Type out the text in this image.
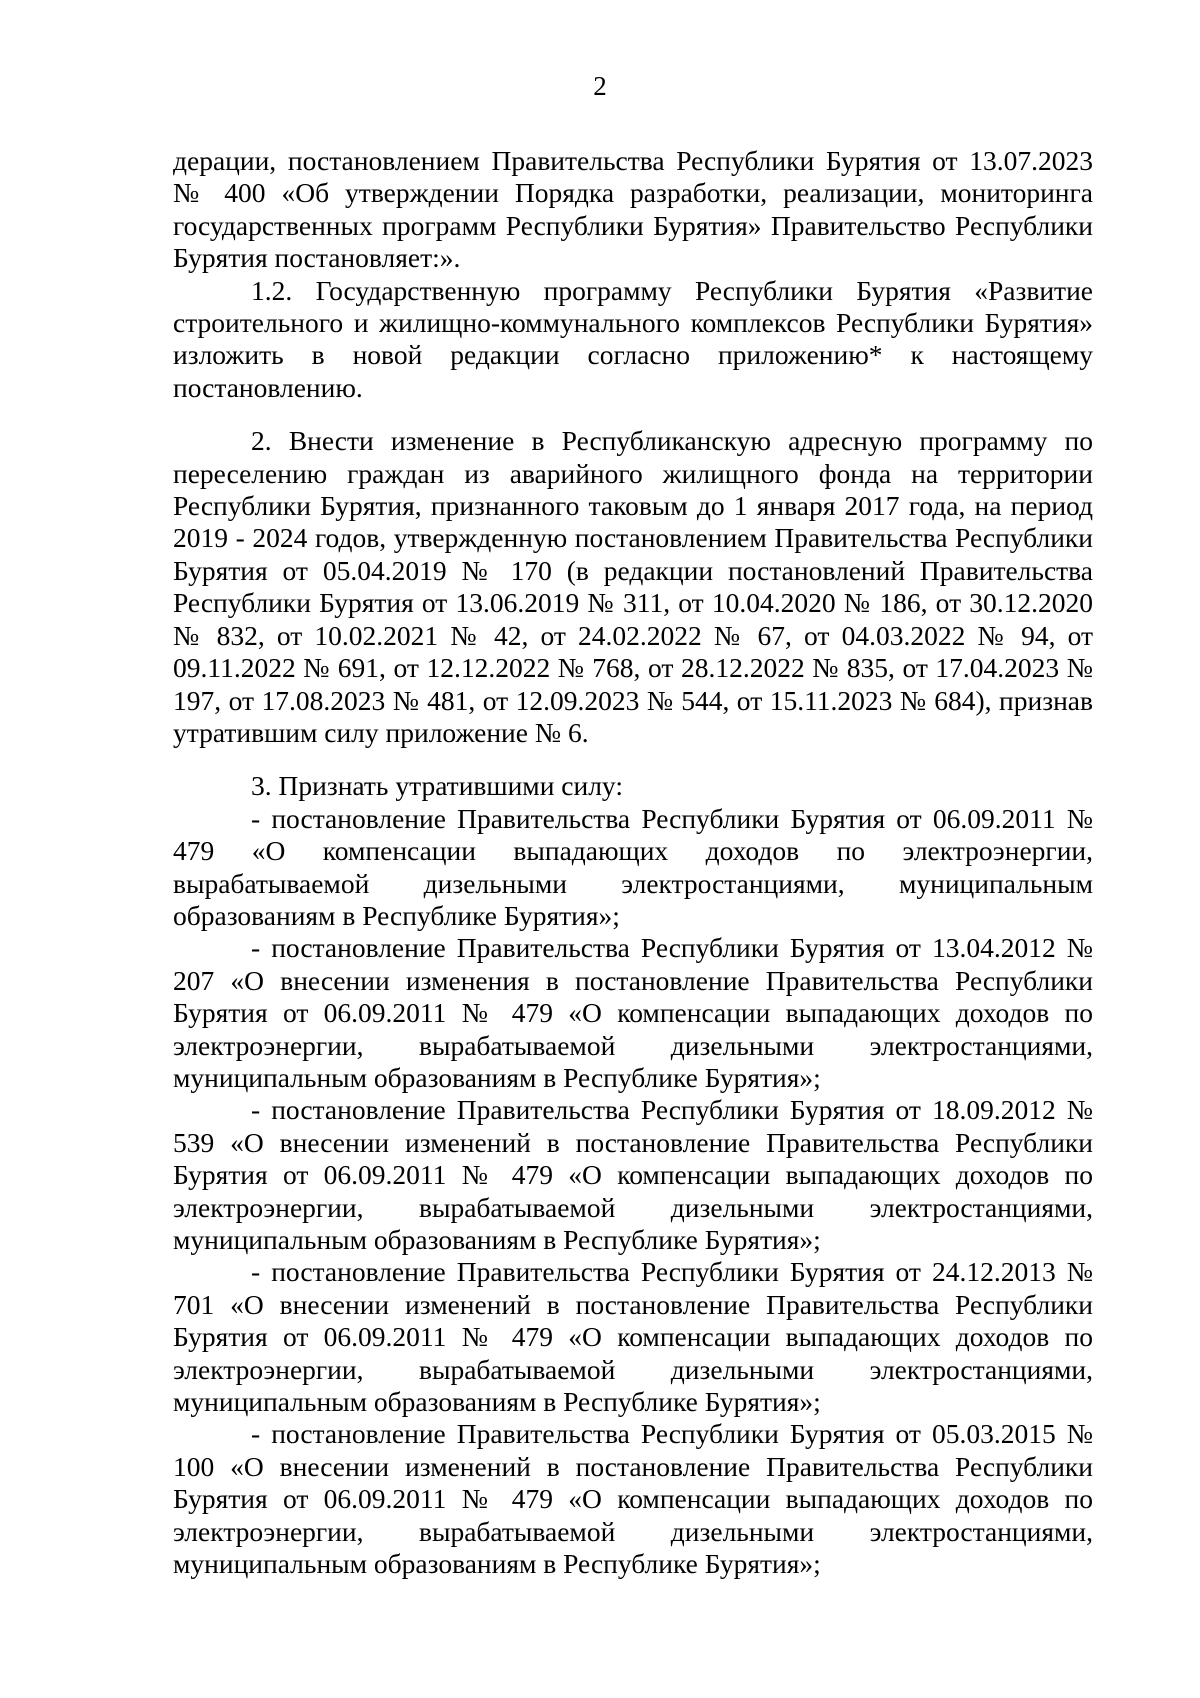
2

дерации, постановлением Правительства Республики Бурятия от 13.07.2023 № 400 «Об утверждении Порядка разработки, реализации, мониторинга государственных программ Республики Бурятия» Правительство Республики Бурятия постановляет:».

1.2. Государственную программу Республики Бурятия «Развитие строительного и жилищно-коммунального комплексов Республики Бурятия» изложить в новой редакции согласно приложению* к настоящему постановлению.

2. Внести изменение в Республиканскую адресную программу по переселению граждан из аварийного жилищного фонда на территории Республики Бурятия, признанного таковым до 1 января 2017 года, на период 2019 - 2024 годов, утвержденную постановлением Правительства Республики Бурятия от 05.04.2019 № 170 (в редакции постановлений Правительства Республики Бурятия от 13.06.2019 № 311, от 10.04.2020 № 186, от 30.12.2020 № 832, от 10.02.2021 № 42, от 24.02.2022 № 67, от 04.03.2022 № 94, от 09.11.2022 № 691, от 12.12.2022 № 768, от 28.12.2022 № 835, от 17.04.2023 № 197, от 17.08.2023 № 481, от 12.09.2023 № 544, от 15.11.2023 № 684), признав утратившим силу приложение № 6.

3. Признать утратившими силу:

- постановление Правительства Республики Бурятия от 06.09.2011 № 479 «О компенсации выпадающих доходов по электроэнергии, вырабатываемой дизельными электростанциями, муниципальным образованиям в Республике Бурятия»;

- постановление Правительства Республики Бурятия от 13.04.2012 № 207 «О внесении изменения в постановление Правительства Республики Бурятия от 06.09.2011 № 479 «О компенсации выпадающих доходов по электроэнергии, вырабатываемой дизельными электростанциями, муниципальным образованиям в Республике Бурятия»;

- постановление Правительства Республики Бурятия от 18.09.2012 № 539 «О внесении изменений в постановление Правительства Республики Бурятия от 06.09.2011 № 479 «О компенсации выпадающих доходов по электроэнергии, вырабатываемой дизельными электростанциями, муниципальным образованиям в Республике Бурятия»;

- постановление Правительства Республики Бурятия от 24.12.2013 № 701 «О внесении изменений в постановление Правительства Республики Бурятия от 06.09.2011 № 479 «О компенсации выпадающих доходов по электроэнергии, вырабатываемой дизельными электростанциями, муниципальным образованиям в Республике Бурятия»;

- постановление Правительства Республики Бурятия от 05.03.2015 № 100 «О внесении изменений в постановление Правительства Республики Бурятия от 06.09.2011 № 479 «О компенсации выпадающих доходов по электроэнергии, вырабатываемой дизельными электростанциями, муниципальным образованиям в Республике Бурятия»;
